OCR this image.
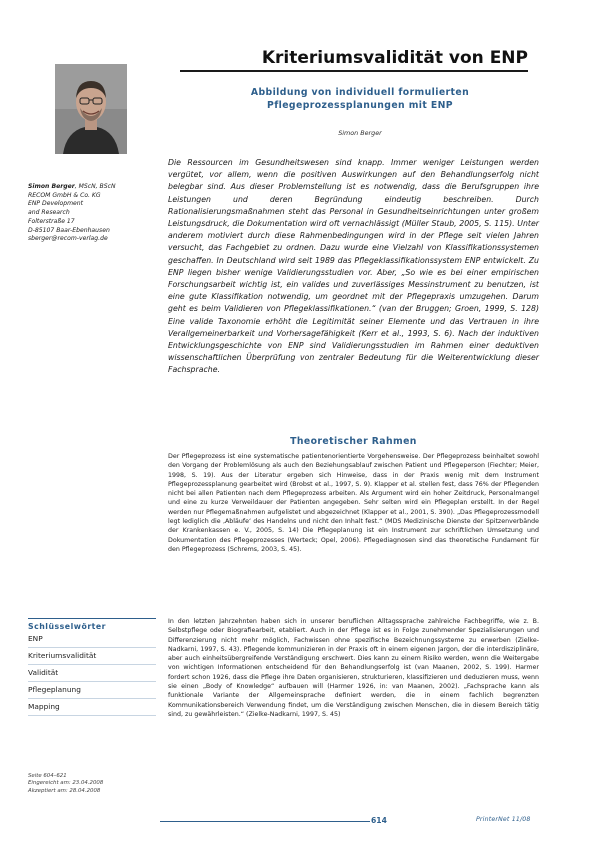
Kriteriumsvalidität von ENP
Abbildung von individuell formulierten
Pflegeprozessplanungen mit ENP
Simon Berger
Simon Berger, MScN, BScN
RECOM GmbH & Co. KG
ENP Development
and Research
Folterstraße 17
D-85107 Baar-Ebenhausen
sberger@recom-verlag.de

Die Ressourcen im Gesundheitswesen sind knapp. Immer weniger Leistungen werden vergütet, vor allem, wenn die positiven Auswirkungen auf den Behandlungserfolg nicht belegbar sind. Aus dieser Problemstellung ist es notwendig, dass die Berufsgruppen ihre Leistungen und deren Begründung eindeutig beschreiben. Durch Rationalisierungsmaßnahmen steht das Personal in Gesundheitseinrichtungen unter großem Leistungsdruck, die Dokumentation wird oft vernachlässigt (Müller Staub, 2005, S. 115). Unter anderem motiviert durch diese Rahmenbedingungen wird in der Pflege seit vielen Jahren versucht, das Fachgebiet zu ordnen. Dazu wurde eine Vielzahl von Klassifikationssystemen geschaffen. In Deutschland wird seit 1989 das Pflegeklassifikationssystem ENP entwickelt. Zu ENP liegen bisher wenige Validierungsstudien vor. Aber, „So wie es bei einer empirischen Forschungsarbeit wichtig ist, ein valides und zuverlässiges Messinstrument zu benutzen, ist eine gute Klassifikation notwendig, um geordnet mit der Pflegepraxis umzugehen. Darum geht es beim Validieren von Pflegeklassifikationen.“ (van der Bruggen; Groen, 1999, S. 128) Eine valide Taxonomie erhöht die Legitimität seiner Elemente und das Vertrauen in ihre Verallgemeinerbarkeit und Vorhersagefähigkeit (Kerr et al., 1993, S. 6). Nach der induktiven Entwicklungsgeschichte von ENP sind Validierungsstudien im Rahmen einer deduktiven wissenschaftlichen Überprüfung von zentraler Bedeutung für die Weiterentwicklung dieser Fachsprache.

Theoretischer Rahmen

Der Pflegeprozess ist eine systematische patientenorientierte Vorgehensweise. Der Pflegeprozess beinhaltet sowohl den Vorgang der Problemlösung als auch den Beziehungsablauf zwischen Patient und Pflegeperson (Fiechter; Meier, 1998, S. 19). Aus der Literatur ergeben sich Hinweise, dass in der Praxis wenig mit dem Instrument Pflegeprozessplanung gearbeitet wird (Brobst et al., 1997, S. 9). Klapper et al. stellen fest, dass 76% der Pflegenden nicht bei allen Patienten nach dem Pflegeprozess arbeiten. Als Argument wird ein hoher Zeitdruck, Personalmangel und eine zu kurze Verweildauer der Patienten angegeben. Sehr selten wird ein Pflegeplan erstellt. In der Regel werden nur Pflegemaßnahmen aufgelistet und abgezeichnet (Klapper et al., 2001, S. 390). „Das Pflegeprozessmodell legt lediglich die ‚Abläufe‘ des Handelns und nicht den Inhalt fest.“ (MDS Medizinische Dienste der Spitzenverbände der Krankenkassen e. V., 2005, S. 14) Die Pflegeplanung ist ein Instrument zur schriftlichen Umsetzung und Dokumentation des Pflegeprozesses (Werteck; Opel, 2006). Pflegediagnosen sind das theoretische Fundament für den Pflegeprozess (Schrems, 2003, S. 45).

In den letzten Jahrzehnten haben sich in unserer beruflichen Alltagssprache zahlreiche Fachbegriffe, wie z. B. Selbstpflege oder Biografiearbeit, etabliert. Auch in der Pflege ist es in Folge zunehmender Spezialisierungen und Differenzierung nicht mehr möglich, Fachwissen ohne spezifische Bezeichnungssysteme zu erwerben (Zielke-Nadkarni, 1997, S. 43). Pflegende kommunizieren in der Praxis oft in einem eigenen Jargon, der die interdisziplinäre, aber auch einheitsübergreifende Verständigung erschwert. Dies kann zu einem Risiko werden, wenn die Weitergabe von wichtigen Informationen entscheidend für den Behandlungserfolg ist (van Maanen, 2002, S. 199). Harmer fordert schon 1926, dass die Pflege ihre Daten organisieren, strukturieren, klassifizieren und deduzieren muss, wenn sie einen „Body of Knowledge“ aufbauen will (Harmer 1926, in: van Maanen, 2002). „Fachsprache kann als funktionale Variante der Allgemeinsprache definiert werden, die in einem fachlich begrenzten Kommunikationsbereich Verwendung findet, um die Verständigung zwischen Menschen, die in diesem Bereich tätig sind, zu gewährleisten.“ (Zielke-Nadkarni, 1997, S. 45)

Schlüsselwörter
ENP
Kriteriumsvalidität
Validität
Pflegeplanung
Mapping
Seite 604–621
Eingereicht am: 23.04.2008
Akzeptiert am: 28.04.2008
614	PrinterNet 11/08
